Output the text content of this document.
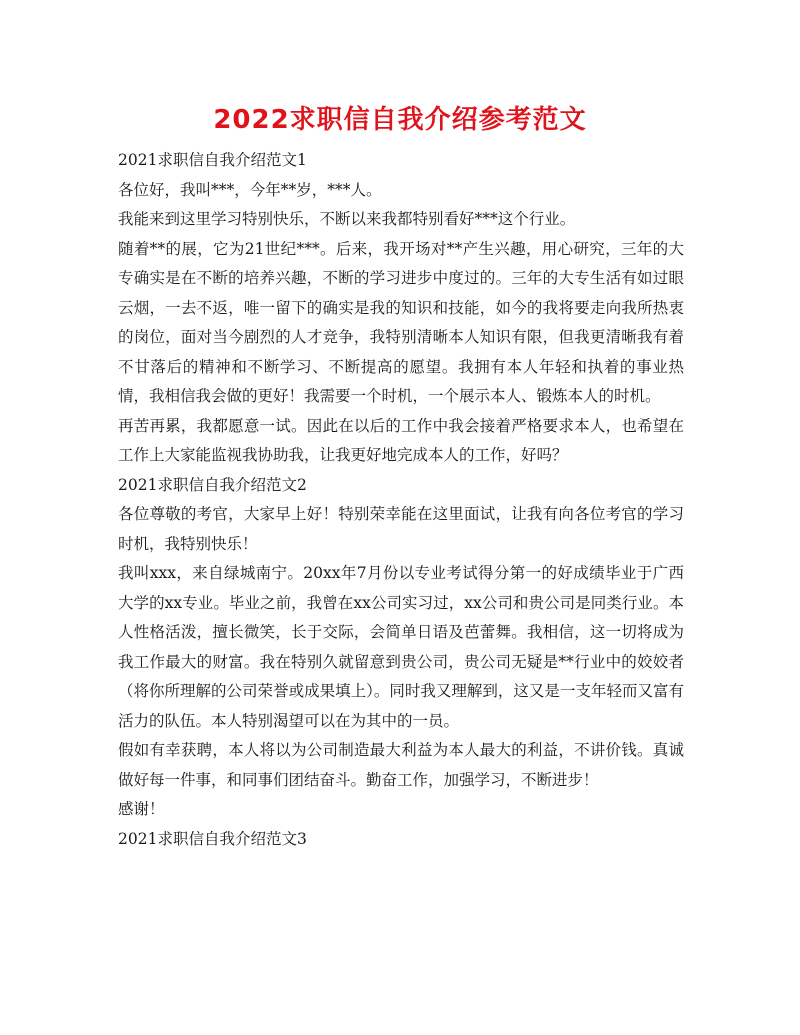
2022求职信自我介绍参考范文

2021求职信自我介绍范文1

各位好，我叫***，今年**岁，***人。

我能来到这里学习特别快乐，不断以来我都特别看好***这个行业。

随着**的展，它为21世纪***。后来，我开场对**产生兴趣，用心研究，三年的大专确实是在不断的培养兴趣，不断的学习进步中度过的。三年的大专生活有如过眼云烟，一去不返，唯一留下的确实是我的知识和技能，如今的我将要走向我所热衷的岗位，面对当今剧烈的人才竞争，我特别清晰本人知识有限，但我更清晰我有着不甘落后的精神和不断学习、不断提高的愿望。我拥有本人年轻和执着的事业热情，我相信我会做的更好！我需要一个时机，一个展示本人、锻炼本人的时机。

再苦再累，我都愿意一试。因此在以后的工作中我会接着严格要求本人，也希望在工作上大家能监视我协助我，让我更好地完成本人的工作，好吗？

2021求职信自我介绍范文2

各位尊敬的考官，大家早上好！特别荣幸能在这里面试，让我有向各位考官的学习时机，我特别快乐！

我叫xxx，来自绿城南宁。20xx年7月份以专业考试得分第一的好成绩毕业于广西大学的xx专业。毕业之前，我曾在xx公司实习过，xx公司和贵公司是同类行业。本人性格活泼，擅长微笑，长于交际，会简单日语及芭蕾舞。我相信，这一切将成为我工作最大的财富。我在特别久就留意到贵公司，贵公司无疑是**行业中的姣姣者（将你所理解的公司荣誉或成果填上）。同时我又理解到，这又是一支年轻而又富有活力的队伍。本人特别渴望可以在为其中的一员。

假如有幸获聘，本人将以为公司制造最大利益为本人最大的利益，不讲价钱。真诚做好每一件事，和同事们团结奋斗。勤奋工作，加强学习，不断进步！

感谢！

2021求职信自我介绍范文3
